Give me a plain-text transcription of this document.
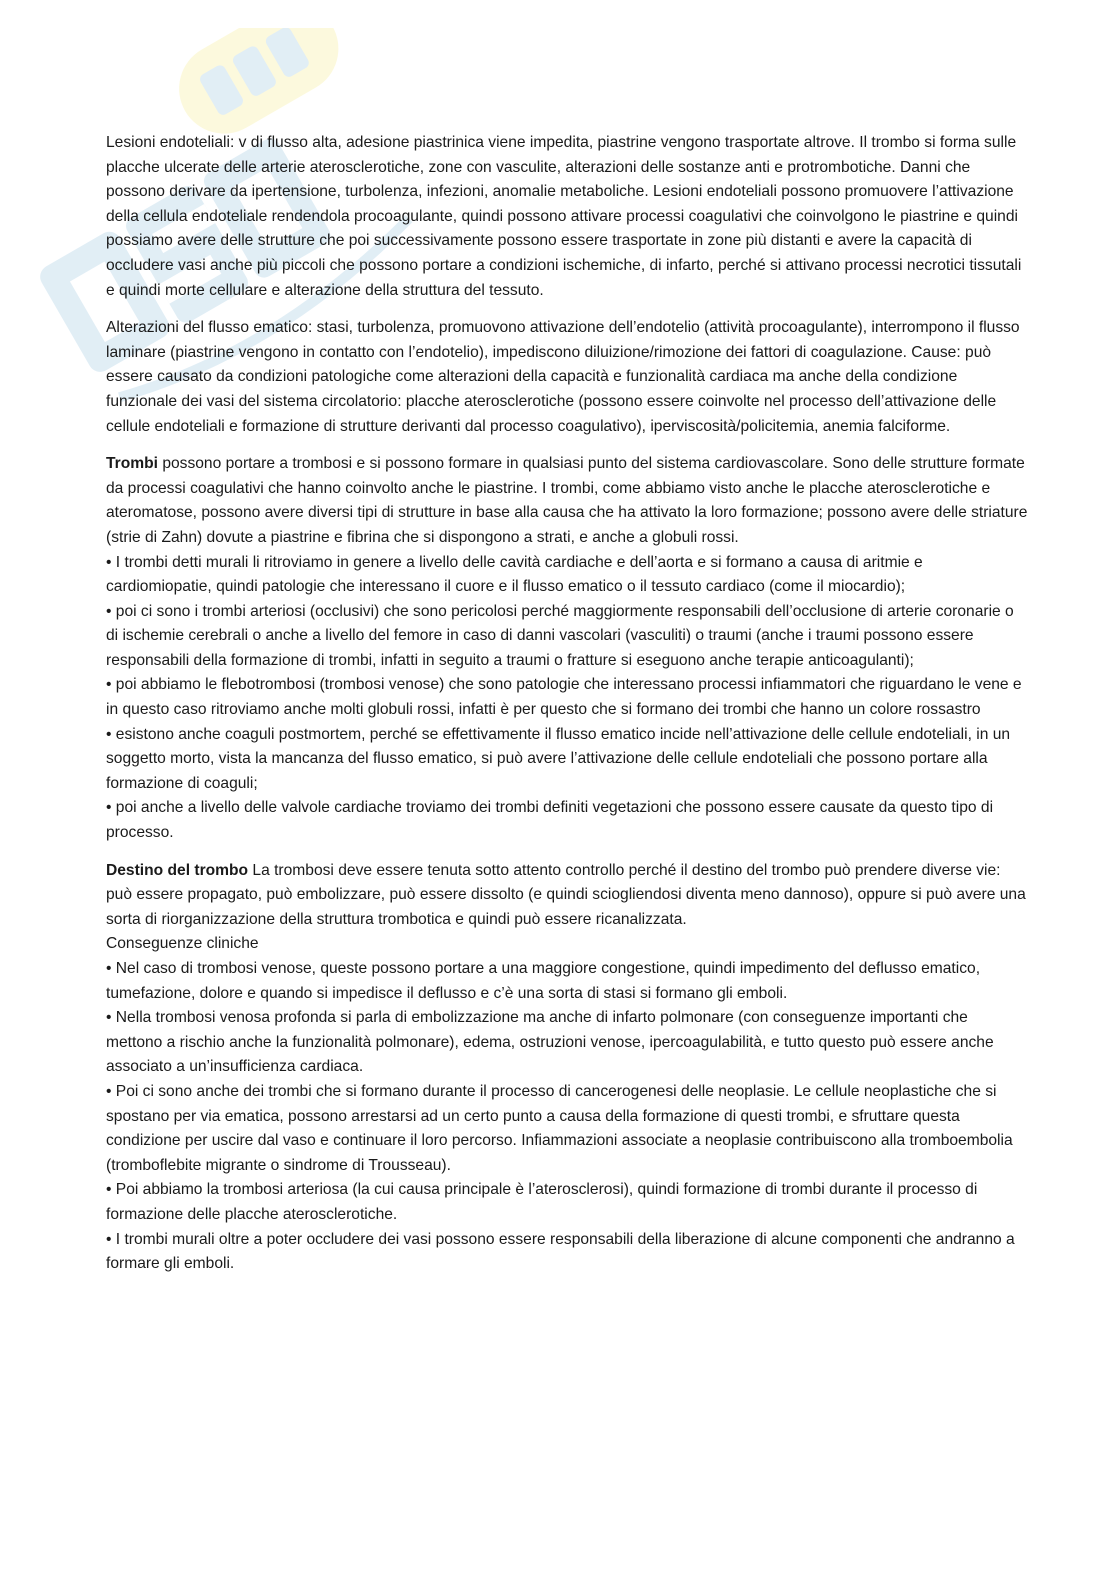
Lesioni endoteliali: v di flusso alta, adesione piastrinica viene impedita, piastrine vengono trasportate altrove. Il trombo si forma sulle placche ulcerate delle arterie aterosclerotiche, zone con vasculite, alterazioni delle sostanze anti e protrombotiche. Danni che possono derivare da ipertensione, turbolenza, infezioni, anomalie metaboliche. Lesioni endoteliali possono promuovere l’attivazione della cellula endoteliale rendendola procoagulante, quindi possono attivare processi coagulativi che coinvolgono le piastrine e quindi possiamo avere delle strutture che poi successivamente possono essere trasportate in zone più distanti e avere la capacità di occludere vasi anche più piccoli che possono portare a condizioni ischemiche, di infarto, perché si attivano processi necrotici tissutali e quindi morte cellulare e alterazione della struttura del tessuto.

Alterazioni del flusso ematico: stasi, turbolenza, promuovono attivazione dell’endotelio (attività procoagulante), interrompono il flusso laminare (piastrine vengono in contatto con l’endotelio), impediscono diluizione/rimozione dei fattori di coagulazione. Cause: può essere causato da condizioni patologiche come alterazioni della capacità e funzionalità cardiaca ma anche della condizione funzionale dei vasi del sistema circolatorio: placche aterosclerotiche (possono essere coinvolte nel processo dell’attivazione delle cellule endoteliali e formazione di strutture derivanti dal processo coagulativo), iperviscosità/policitemia, anemia falciforme.

Trombi possono portare a trombosi e si possono formare in qualsiasi punto del sistema cardiovascolare. Sono delle strutture formate da processi coagulativi che hanno coinvolto anche le piastrine. I trombi, come abbiamo visto anche le placche aterosclerotiche e ateromatose, possono avere diversi tipi di strutture in base alla causa che ha attivato la loro formazione; possono avere delle striature (strie di Zahn) dovute a piastrine e fibrina che si dispongono a strati, e anche a globuli rossi.

• I trombi detti murali li ritroviamo in genere a livello delle cavità cardiache e dell’aorta e si formano a causa di aritmie e cardiomiopatie, quindi patologie che interessano il cuore e il flusso ematico o il tessuto cardiaco (come il miocardio);

• poi ci sono i trombi arteriosi (occlusivi) che sono pericolosi perché maggiormente responsabili dell’occlusione di arterie coronarie o di ischemie cerebrali o anche a livello del femore in caso di danni vascolari (vasculiti) o traumi (anche i traumi possono essere responsabili della formazione di trombi, infatti in seguito a traumi o fratture si eseguono anche terapie anticoagulanti);

• poi abbiamo le flebotrombosi (trombosi venose) che sono patologie che interessano processi infiammatori che riguardano le vene e in questo caso ritroviamo anche molti globuli rossi, infatti è per questo che si formano dei trombi che hanno un colore rossastro

• esistono anche coaguli postmortem, perché se effettivamente il flusso ematico incide nell’attivazione delle cellule endoteliali, in un soggetto morto, vista la mancanza del flusso ematico, si può avere l’attivazione delle cellule endoteliali che possono portare alla formazione di coaguli;

• poi anche a livello delle valvole cardiache troviamo dei trombi definiti vegetazioni che possono essere causate da questo tipo di processo.

Destino del trombo La trombosi deve essere tenuta sotto attento controllo perché il destino del trombo può prendere diverse vie: può essere propagato, può embolizzare, può essere dissolto (e quindi sciogliendosi diventa meno dannoso), oppure si può avere una sorta di riorganizzazione della struttura trombotica e quindi può essere ricanalizzata.

Conseguenze cliniche

• Nel caso di trombosi venose, queste possono portare a una maggiore congestione, quindi impedimento del deflusso ematico, tumefazione, dolore e quando si impedisce il deflusso e c’è una sorta di stasi si formano gli emboli.

• Nella trombosi venosa profonda si parla di embolizzazione ma anche di infarto polmonare (con conseguenze importanti che mettono a rischio anche la funzionalità polmonare), edema, ostruzioni venose, ipercoagulabilità, e tutto questo può essere anche associato a un’insufficienza cardiaca.

• Poi ci sono anche dei trombi che si formano durante il processo di cancerogenesi delle neoplasie. Le cellule neoplastiche che si spostano per via ematica, possono arrestarsi ad un certo punto a causa della formazione di questi trombi, e sfruttare questa condizione per uscire dal vaso e continuare il loro percorso. Infiammazioni associate a neoplasie contribuiscono alla tromboembolia (tromboflebite migrante o sindrome di Trousseau).

• Poi abbiamo la trombosi arteriosa (la cui causa principale è l’aterosclerosi), quindi formazione di trombi durante il processo di formazione delle placche aterosclerotiche.

• I trombi murali oltre a poter occludere dei vasi possono essere responsabili della liberazione di alcune componenti che andranno a formare gli emboli.
